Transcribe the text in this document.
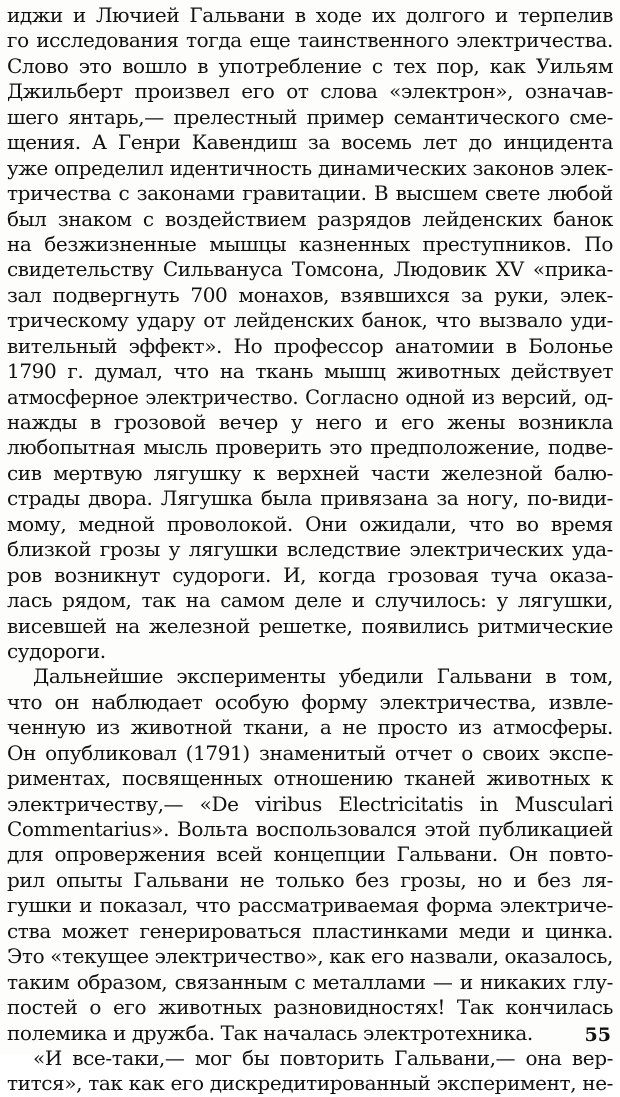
иджи и Лючией Гальвани в ходе их долгого и терпелив
го исследования тогда еще таинственного электричества.
Слово это вошло в употребление с тех пор, как Уильям
Джильберт произвел его от слова «электрон», означав-
шего янтарь,— прелестный пример семантического сме-
щения. А Генри Кавендиш за восемь лет до инцидента
уже определил идентичность динамических законов элек-
тричества с законами гравитации. В высшем свете любой
был знаком с воздействием разрядов лейденских банок
на безжизненные мышцы казненных преступников. По
свидетельству Сильвануса Томсона, Людовик XV «прика-
зал подвергнуть 700 монахов, взявшихся за руки, элек-
трическому удару от лейденских банок, что вызвало уди-
вительный эффект». Но профессор анатомии в Болонье
1790 г. думал, что на ткань мышц животных действует
атмосферное электричество. Согласно одной из версий, од-
нажды в грозовой вечер у него и его жены возникла
любопытная мысль проверить это предположение, подве-
сив мертвую лягушку к верхней части железной балю-
страды двора. Лягушка была привязана за ногу, по-види-
мому, медной проволокой. Они ожидали, что во время
близкой грозы у лягушки вследствие электрических уда-
ров возникнут судороги. И, когда грозовая туча оказа-
лась рядом, так на самом деле и случилось: у лягушки,
висевшей на железной решетке, появились ритмические
судороги.
Дальнейшие эксперименты убедили Гальвани в том,
что он наблюдает особую форму электричества, извле-
ченную из животной ткани, а не просто из атмосферы.
Он опубликовал (1791) знаменитый отчет о своих экспе-
риментах, посвященных отношению тканей животных к
электричеству,— «De viribus Electricitatis in Musculari
Commentarius». Вольта воспользовался этой публикацией
для опровержения всей концепции Гальвани. Он повто-
рил опыты Гальвани не только без грозы, но и без ля-
гушки и показал, что рассматриваемая форма электриче-
ства может генерироваться пластинками меди и цинка.
Это «текущее электричество», как его назвали, оказалось,
таким образом, связанным с металлами — и никаких глу-
постей о его животных разновидностях! Так кончилась
полемика и дружба. Так началась электротехника.
«И все-таки,— мог бы повторить Гальвани,— она вер-
тится», так как его дискредитированный эксперимент, не-
55
